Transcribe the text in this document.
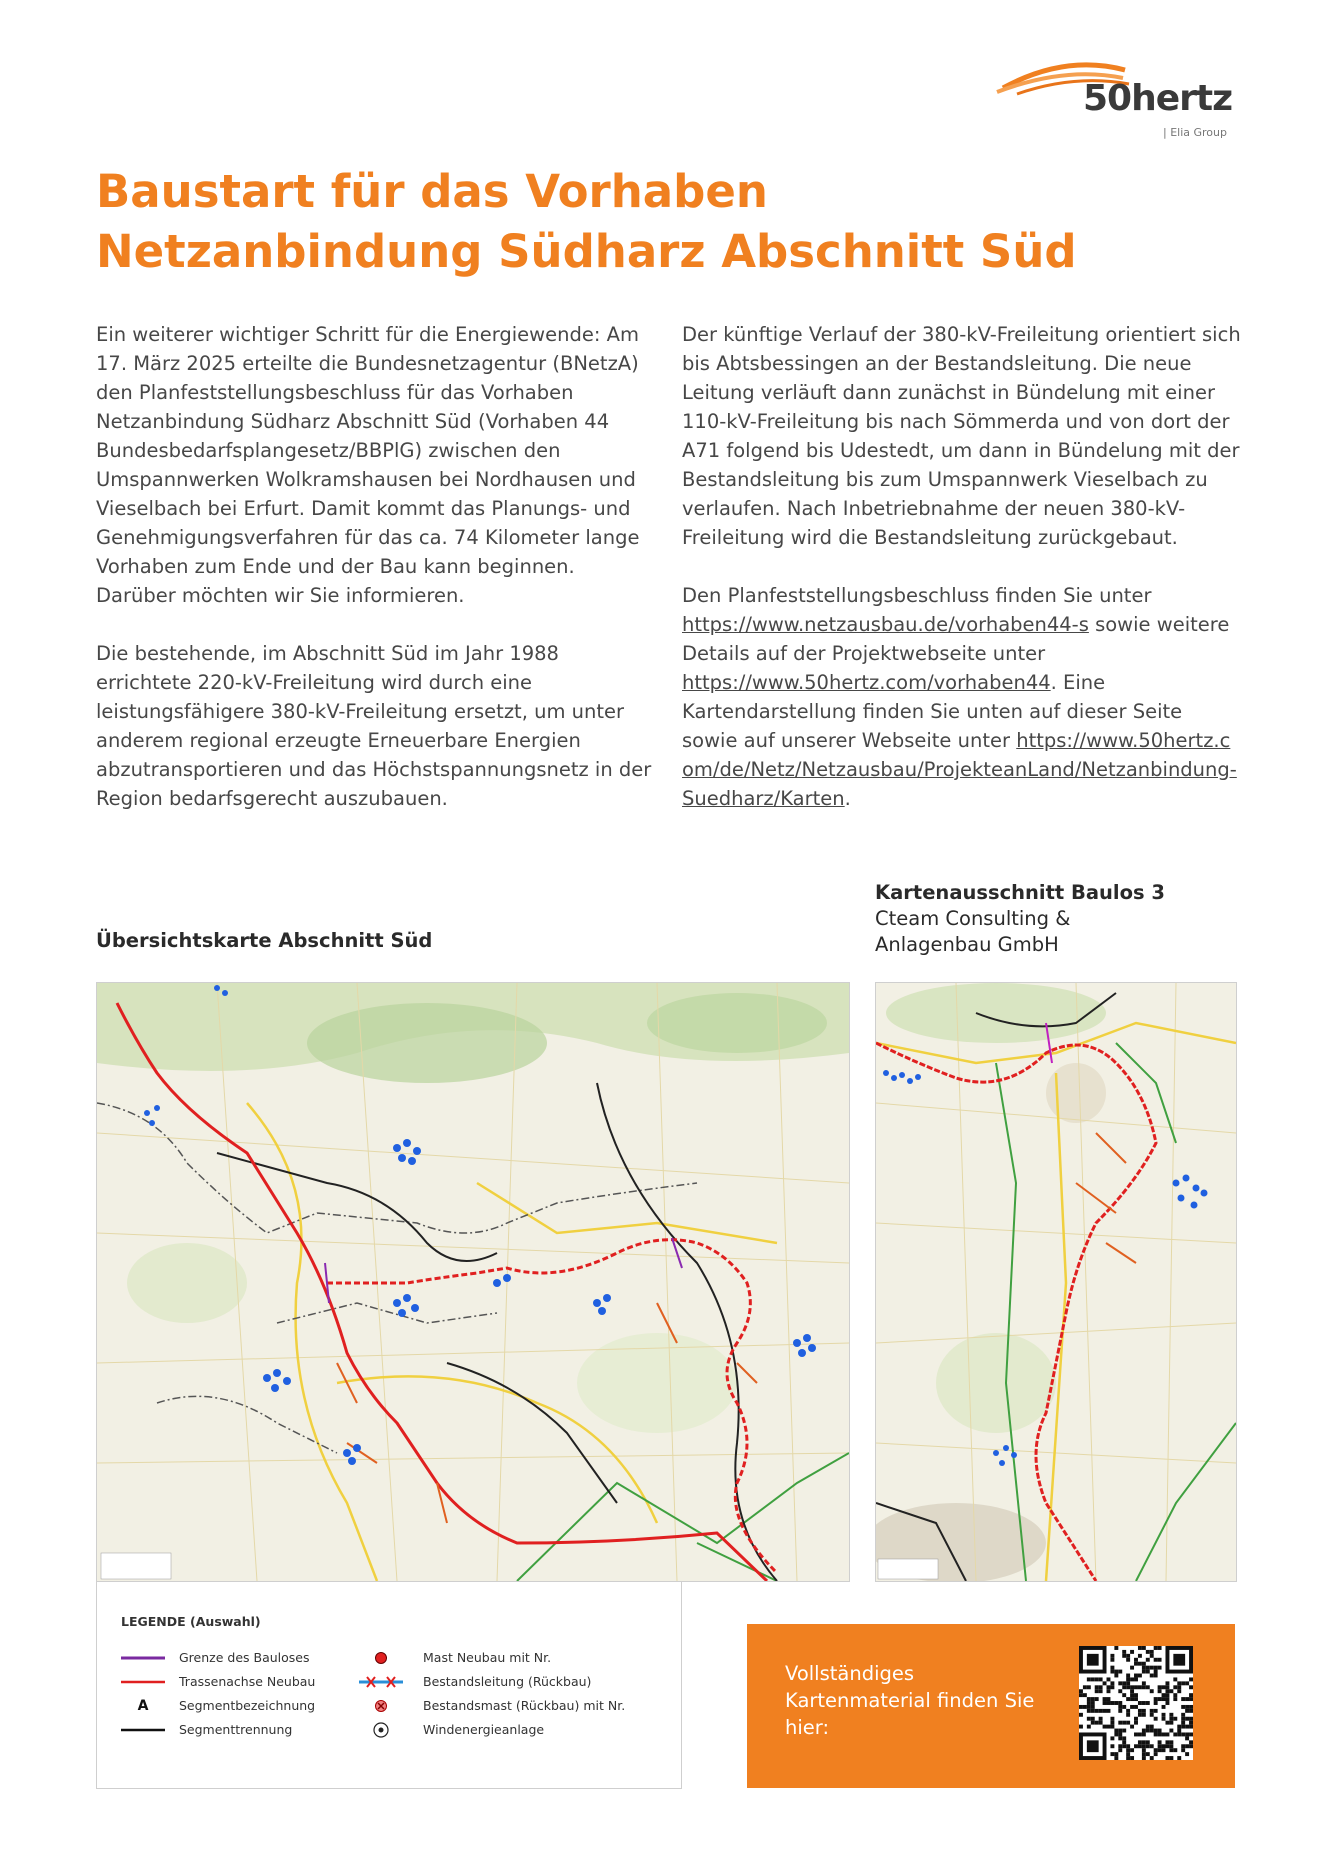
50hertz
| Elia Group
Baustart für das Vorhaben
Netzanbindung Südharz Abschnitt Süd

Ein weiterer wichtiger Schritt für die Energiewende: Am 17. März 2025 erteilte die Bundesnetzagentur (BNetzA) den Planfeststellungsbeschluss für das Vorhaben Netzanbindung Südharz Abschnitt Süd (Vorhaben 44 Bundesbedarfsplangesetz/BBPlG) zwischen den Umspannwerken Wolkramshausen bei Nordhausen und Vieselbach bei Erfurt. Damit kommt das Planungs- und Genehmigungsverfahren für das ca. 74 Kilometer lange Vorhaben zum Ende und der Bau kann beginnen. Darüber möchten wir Sie informieren.

Die bestehende, im Abschnitt Süd im Jahr 1988 errichtete 220-kV-Freileitung wird durch eine leistungsfähigere 380-kV-Freileitung ersetzt, um unter anderem regional erzeugte Erneuerbare Energien abzutransportieren und das Höchstspannungsnetz in der Region bedarfsgerecht auszubauen.

Der künftige Verlauf der 380-kV-Freileitung orientiert sich bis Abtsbessingen an der Bestandsleitung. Die neue Leitung verläuft dann zunächst in Bündelung mit einer 110-kV-Freileitung bis nach Sömmerda und von dort der A71 folgend bis Udestedt, um dann in Bündelung mit der Bestandsleitung bis zum Umspannwerk Vieselbach zu verlaufen. Nach Inbetriebnahme der neuen 380-kV-Freileitung wird die Bestandsleitung zurückgebaut.

Den Planfeststellungsbeschluss finden Sie unter https://www.netzausbau.de/vorhaben44-s sowie weitere Details auf der Projektwebseite unter https://www.50hertz.com/vorhaben44. Eine Kartendarstellung finden Sie unten auf dieser Seite sowie auf unserer Webseite unter https://www.50hertz.com/de/Netz/Netzausbau/ProjekteanLand/Netzanbindung-Suedharz/Karten.

Übersichtskarte Abschnitt Süd
Kartenausschnitt Baulos 3
Cteam Consulting &
Anlagenbau GmbH
LEGENDE (Auswahl)
Grenze des Bauloses
Trassenachse Neubau
A	Segmentbezeichnung
Segmenttrennung
Mast Neubau mit Nr.
Bestandsleitung (Rückbau)
Bestandsmast (Rückbau) mit Nr.
Windenergieanlage
Vollständiges Kartenmaterial finden Sie hier:
